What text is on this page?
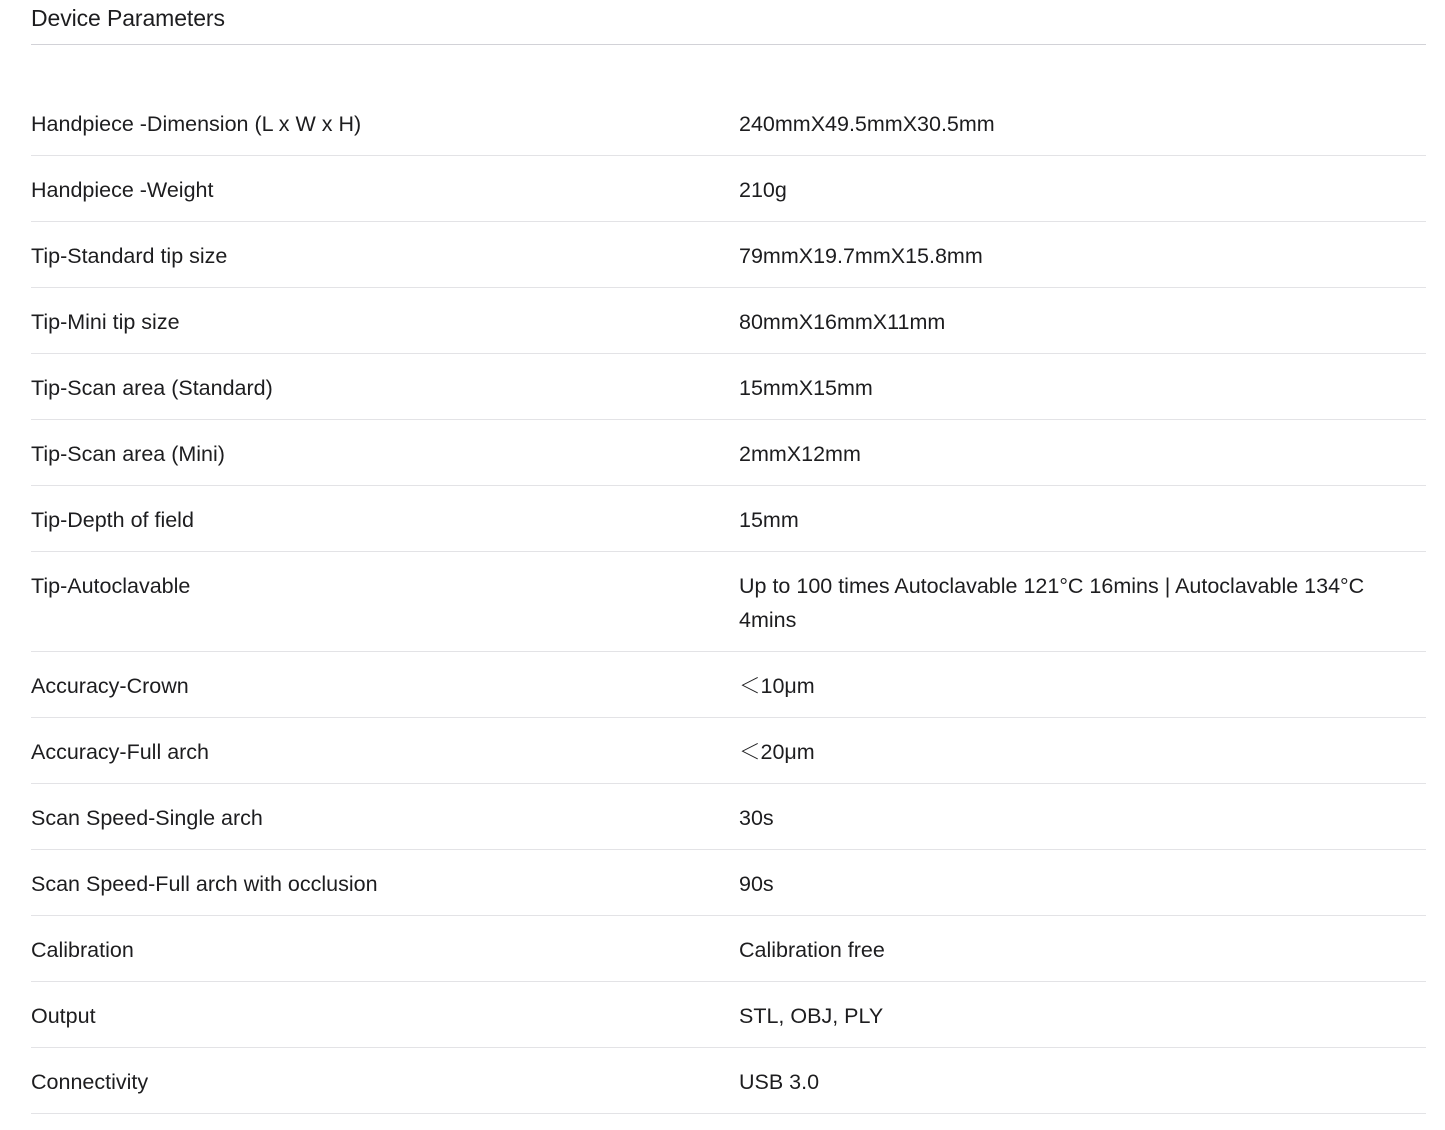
Device Parameters
Handpiece -Dimension (L x W x H)	240mmX49.5mmX30.5mm
Handpiece -Weight	210g
Tip-Standard tip size	79mmX19.7mmX15.8mm
Tip-Mini tip size	80mmX16mmX11mm
Tip-Scan area (Standard)	15mmX15mm
Tip-Scan area (Mini)	2mmX12mm
Tip-Depth of field	15mm
Tip-Autoclavable	Up to 100 times Autoclavable 121°C 16mins | Autoclavable 134°C 4mins
Accuracy-Crown	＜10μm
Accuracy-Full arch	＜20μm
Scan Speed-Single arch	30s
Scan Speed-Full arch with occlusion	90s
Calibration	Calibration free
Output	STL, OBJ, PLY
Connectivity	USB 3.0
